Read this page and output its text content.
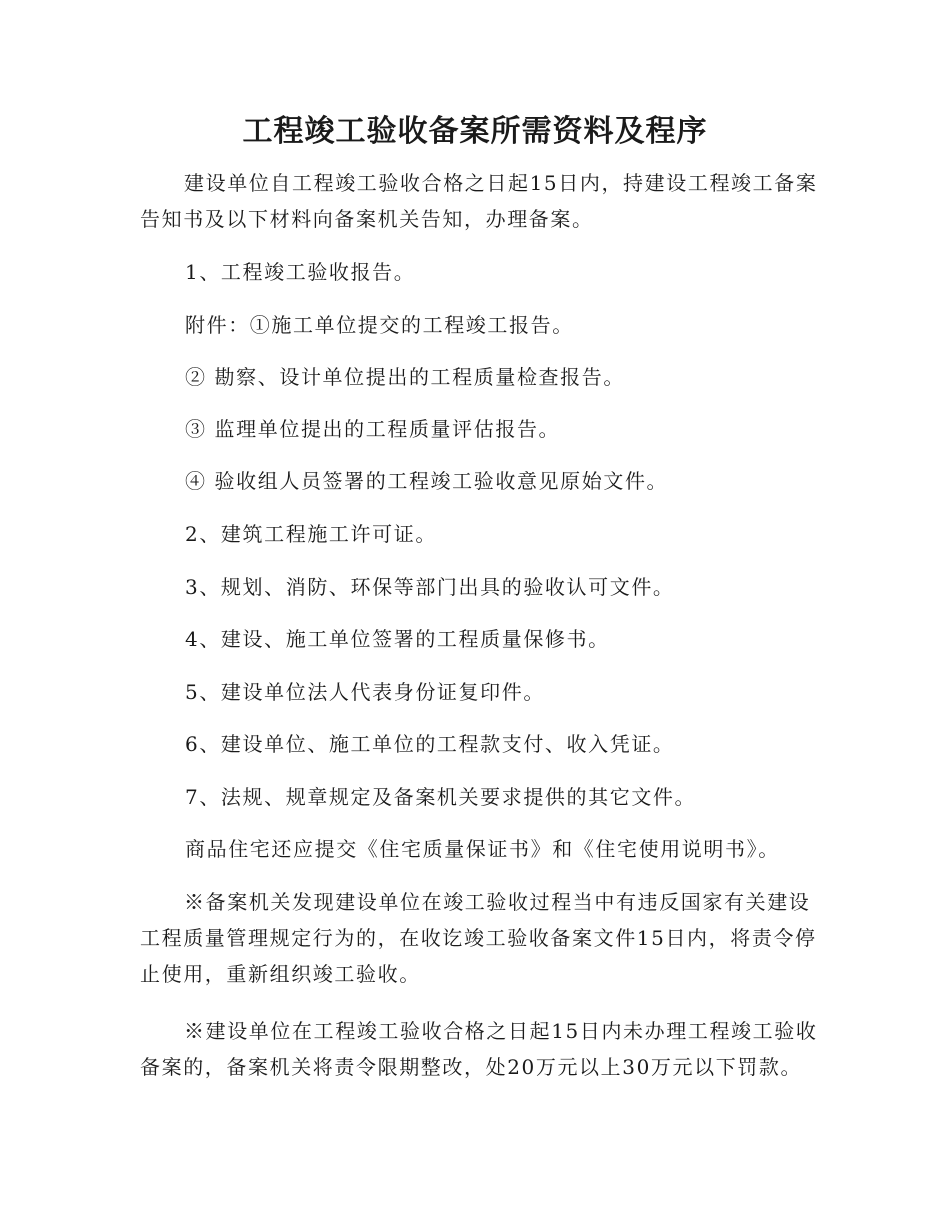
工程竣工验收备案所需资料及程序

建设单位自工程竣工验收合格之日起15日内，持建设工程竣工备案告知书及以下材料向备案机关告知，办理备案。

1、工程竣工验收报告。

附件：①施工单位提交的工程竣工报告。

② 勘察、设计单位提出的工程质量检查报告。

③ 监理单位提出的工程质量评估报告。

④ 验收组人员签署的工程竣工验收意见原始文件。

2、建筑工程施工许可证。

3、规划、消防、环保等部门出具的验收认可文件。

4、建设、施工单位签署的工程质量保修书。

5、建设单位法人代表身份证复印件。

6、建设单位、施工单位的工程款支付、收入凭证。

7、法规、规章规定及备案机关要求提供的其它文件。

商品住宅还应提交《住宅质量保证书》和《住宅使用说明书》。

※备案机关发现建设单位在竣工验收过程当中有违反国家有关建设工程质量管理规定行为的，在收讫竣工验收备案文件15日内，将责令停止使用，重新组织竣工验收。

※建设单位在工程竣工验收合格之日起15日内未办理工程竣工验收备案的，备案机关将责令限期整改，处20万元以上30万元以下罚款。
